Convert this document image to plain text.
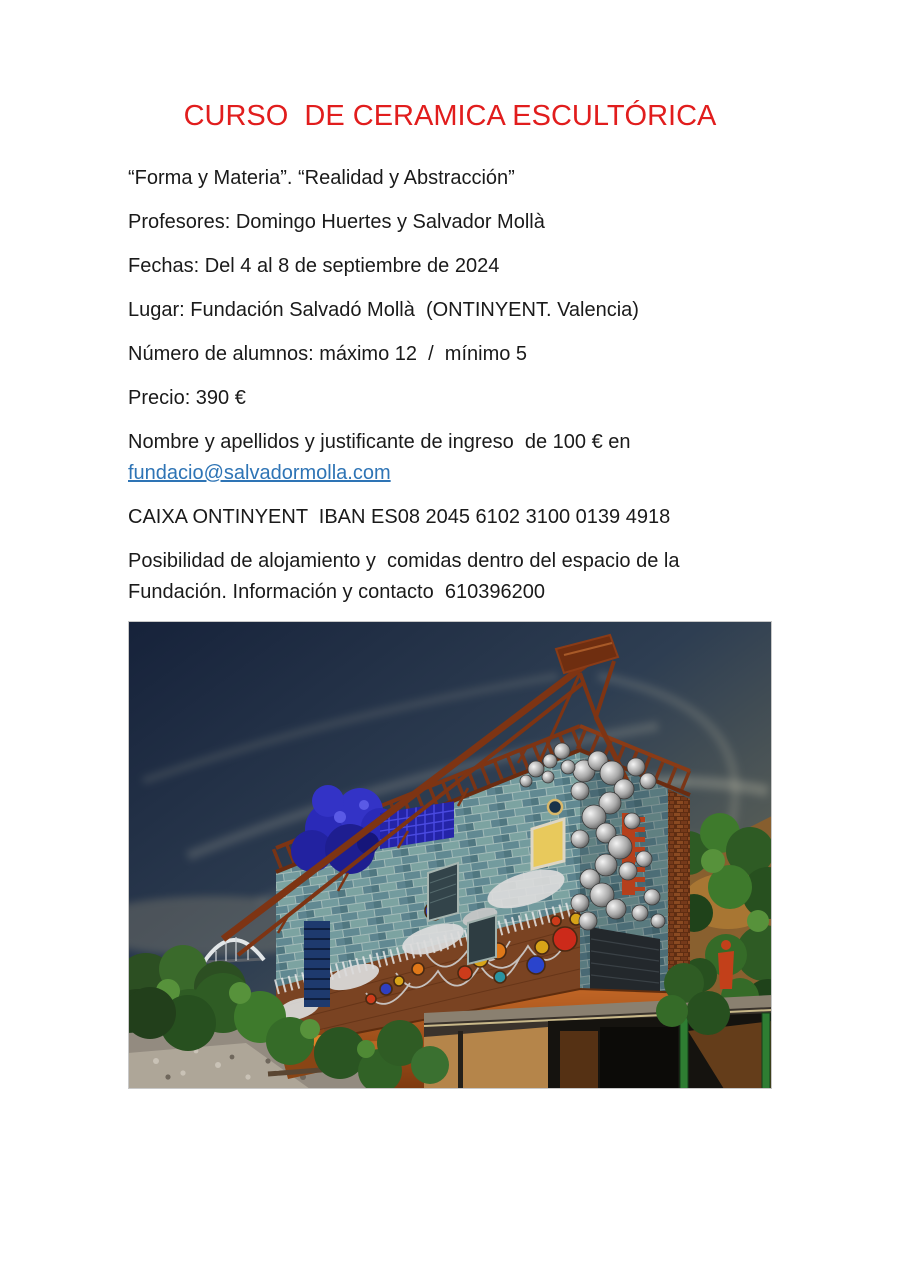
CURSO  DE CERAMICA ESCULTÓRICA

“Forma y Materia”. “Realidad y Abstracción”

Profesores: Domingo Huertes y Salvador Mollà

Fechas: Del 4 al 8 de septiembre de 2024

Lugar: Fundación Salvadó Mollà  (ONTINYENT. Valencia)

Número de alumnos: máximo 12  /  mínimo 5

Precio: 390 €

Nombre y apellidos y justificante de ingreso  de 100 € en fundacio@salvadormolla.com

CAIXA ONTINYENT  IBAN ES08 2045 6102 3100 0139 4918

Posibilidad de alojamiento y  comidas dentro del espacio de la Fundación. Información y contacto  610396200
